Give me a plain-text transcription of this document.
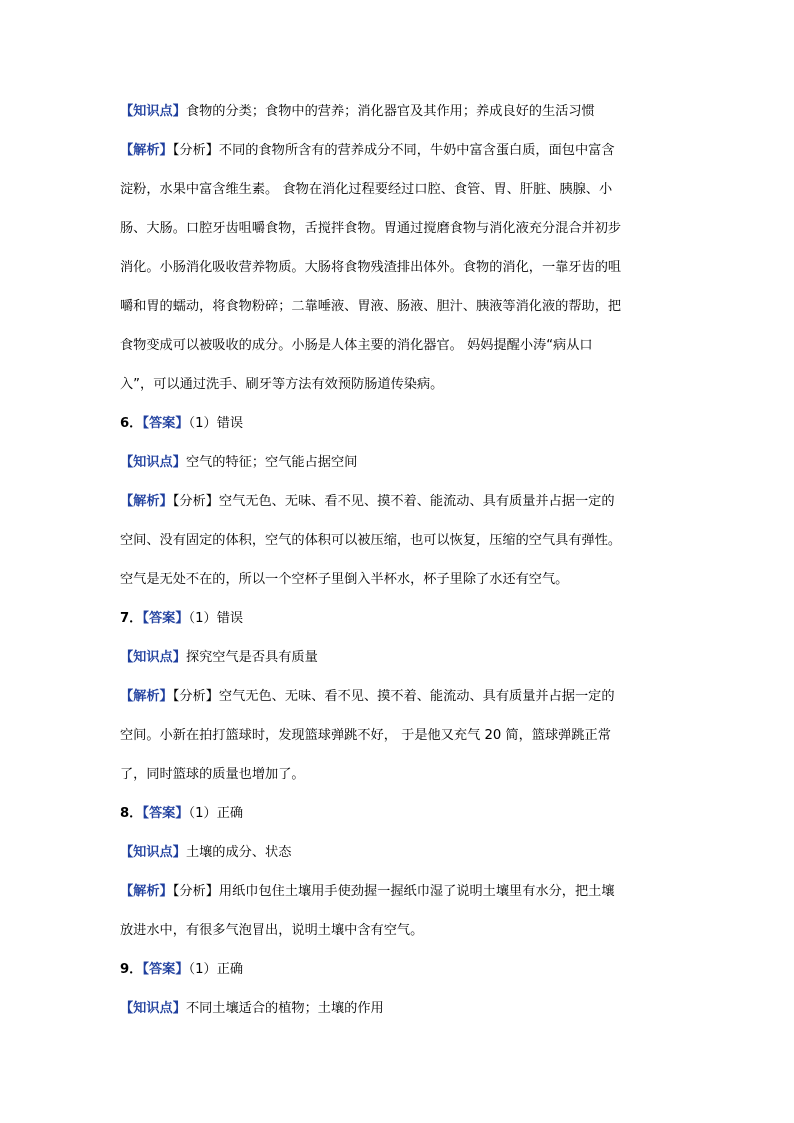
【知识点】食物的分类；食物中的营养；消化器官及其作用；养成良好的生活习惯
【解析】【分析】不同的食物所含有的营养成分不同，牛奶中富含蛋白质，面包中富含
淀粉，水果中富含维生素。 食物在消化过程要经过口腔、食管、胃、肝脏、胰腺、小
肠、大肠。口腔牙齿咀嚼食物，舌搅拌食物。胃通过搅磨食物与消化液充分混合并初步
消化。小肠消化吸收营养物质。大肠将食物残渣排出体外。食物的消化，一靠牙齿的咀
嚼和胃的蠕动，将食物粉碎；二靠唾液、胃液、肠液、胆汁、胰液等消化液的帮助，把
食物变成可以被吸收的成分。小肠是人体主要的消化器官。 妈妈提醒小涛“病从口
入”，可以通过洗手、刷牙等方法有效预防肠道传染病。
6．【答案】（1）错误
【知识点】空气的特征；空气能占据空间
【解析】【分析】空气无色、无味、看不见、摸不着、能流动、具有质量并占据一定的
空间、没有固定的体积，空气的体积可以被压缩，也可以恢复，压缩的空气具有弹性。
空气是无处不在的，所以一个空杯子里倒入半杯水，杯子里除了水还有空气。
7．【答案】（1）错误
【知识点】探究空气是否具有质量
【解析】【分析】空气无色、无味、看不见、摸不着、能流动、具有质量并占据一定的
空间。小新在拍打篮球时，发现篮球弹跳不好， 于是他又充气 20 简，篮球弹跳正常
了，同时篮球的质量也增加了。
8．【答案】（1）正确
【知识点】土壤的成分、状态
【解析】【分析】用纸巾包住土壤用手使劲握一握纸巾湿了说明土壤里有水分，把土壤
放进水中，有很多气泡冒出，说明土壤中含有空气。
9．【答案】（1）正确
【知识点】不同土壤适合的植物；土壤的作用
